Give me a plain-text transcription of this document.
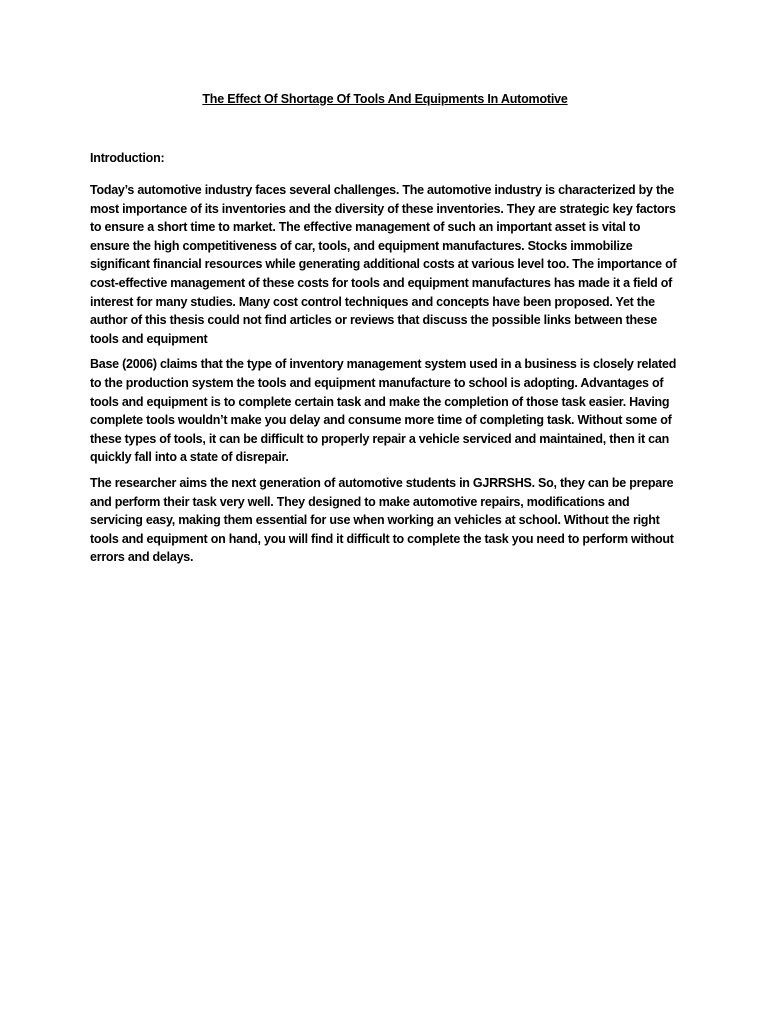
The Effect Of Shortage Of Tools And Equipments In Automotive

Introduction:

Today’s automotive industry faces several challenges. The automotive industry is characterized by the most importance of its inventories and the diversity of these inventories. They are strategic key factors to ensure a short time to market. The effective management of such an important asset is vital to ensure the high competitiveness of car, tools, and equipment manufactures. Stocks immobilize significant financial resources while generating additional costs at various level too. The importance of cost-effective management of these costs for tools and equipment manufactures has made it a field of interest for many studies. Many cost control techniques and concepts have been proposed. Yet the author of this thesis could not find articles or reviews that discuss the possible links between these tools and equipment

Base (2006) claims that the type of inventory management system used in a business is closely related to the production system the tools and equipment manufacture to school is adopting. Advantages of tools and equipment is to complete certain task and make the completion of those task easier. Having complete tools wouldn’t make you delay and consume more time of completing task. Without some of these types of tools, it can be difficult to properly repair a vehicle serviced and maintained, then it can quickly fall into a state of disrepair.

The researcher aims the next generation of automotive students in GJRRSHS. So, they can be prepare and perform their task very well. They designed to make automotive repairs, modifications and servicing easy, making them essential for use when working an vehicles at school. Without the right tools and equipment on hand, you will find it difficult to complete the task you need to perform without errors and delays.
